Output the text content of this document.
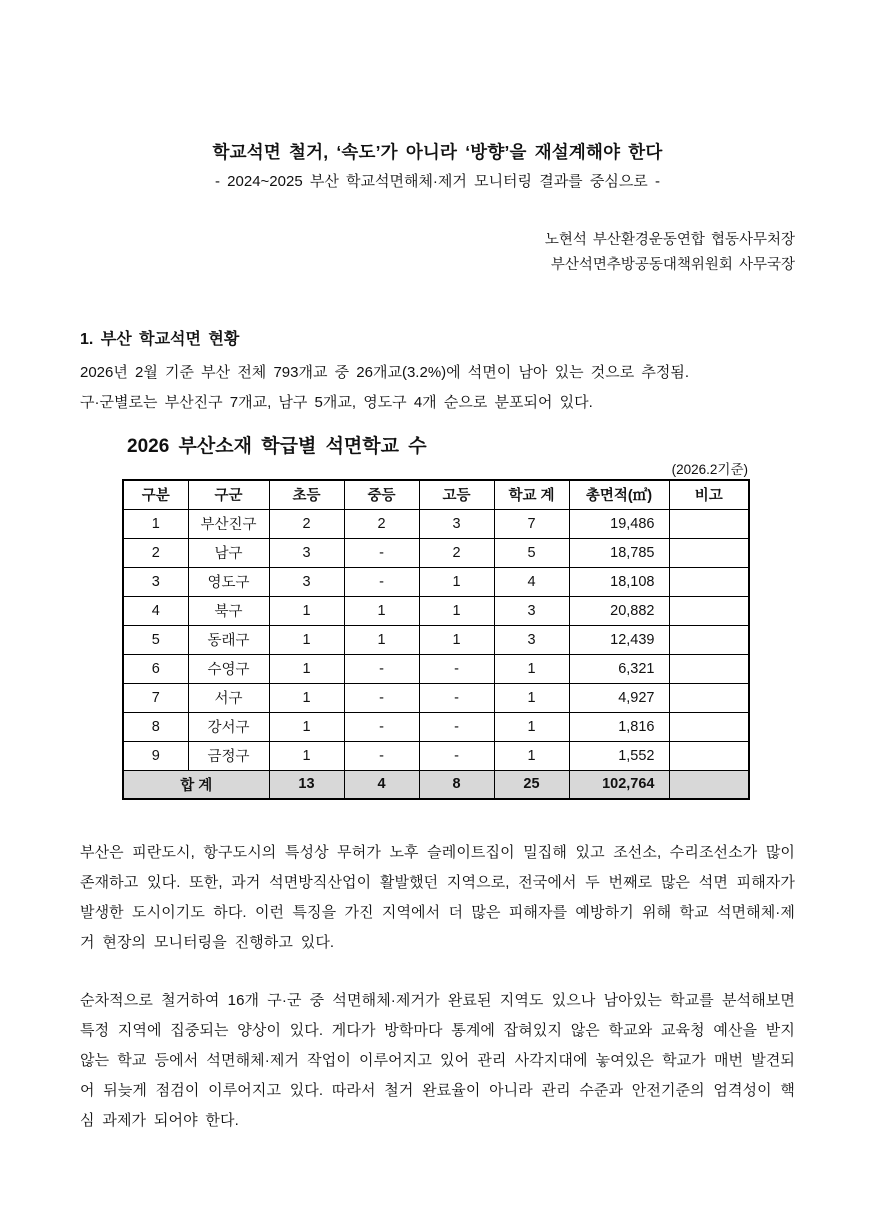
학교석면 철거, ‘속도’가 아니라 ‘방향’을 재설계해야 한다
- 2024~2025 부산 학교석면해체·제거 모니터링 결과를 중심으로 -
노현석 부산환경운동연합 협동사무처장
부산석면추방공동대책위원회 사무국장
1. 부산 학교석면 현황
2026년 2월 기준 부산 전체 793개교 중 26개교(3.2%)에 석면이 남아 있는 것으로 추정됨.
구·군별로는 부산진구 7개교, 남구 5개교, 영도구 4개 순으로 분포되어 있다.
2026 부산소재 학급별 석면학교 수
(2026.2기준)
구분	구군	초등	중등	고등	학교 계	총면적(㎡)	비고
1	부산진구	2	2	3	7	19,486	
2	남구	3	-	2	5	18,785	
3	영도구	3	-	1	4	18,108	
4	북구	1	1	1	3	20,882	
5	동래구	1	1	1	3	12,439	
6	수영구	1	-	-	1	6,321	
7	서구	1	-	-	1	4,927	
8	강서구	1	-	-	1	1,816	
9	금정구	1	-	-	1	1,552	
합 계		13	4	8	25	102,764	

부산은 피란도시, 항구도시의 특성상 무허가 노후 슬레이트집이 밀집해 있고 조선소, 수리조선소가 많이 존재하고 있다. 또한, 과거 석면방직산업이 활발했던 지역으로, 전국에서 두 번째로 많은 석면 피해자가 발생한 도시이기도 하다. 이런 특징을 가진 지역에서 더 많은 피해자를 예방하기 위해 학교 석면해체·제거 현장의 모니터링을 진행하고 있다.

순차적으로 철거하여 16개 구·군 중 석면해체·제거가 완료된 지역도 있으나 남아있는 학교를 분석해보면 특정 지역에 집중되는 양상이 있다. 게다가 방학마다 통계에 잡혀있지 않은 학교와 교육청 예산을 받지 않는 학교 등에서 석면해체·제거 작업이 이루어지고 있어 관리 사각지대에 놓여있은 학교가 매번 발견되어 뒤늦게 점검이 이루어지고 있다. 따라서 철거 완료율이 아니라 관리 수준과 안전기준의 엄격성이 핵심 과제가 되어야 한다.
